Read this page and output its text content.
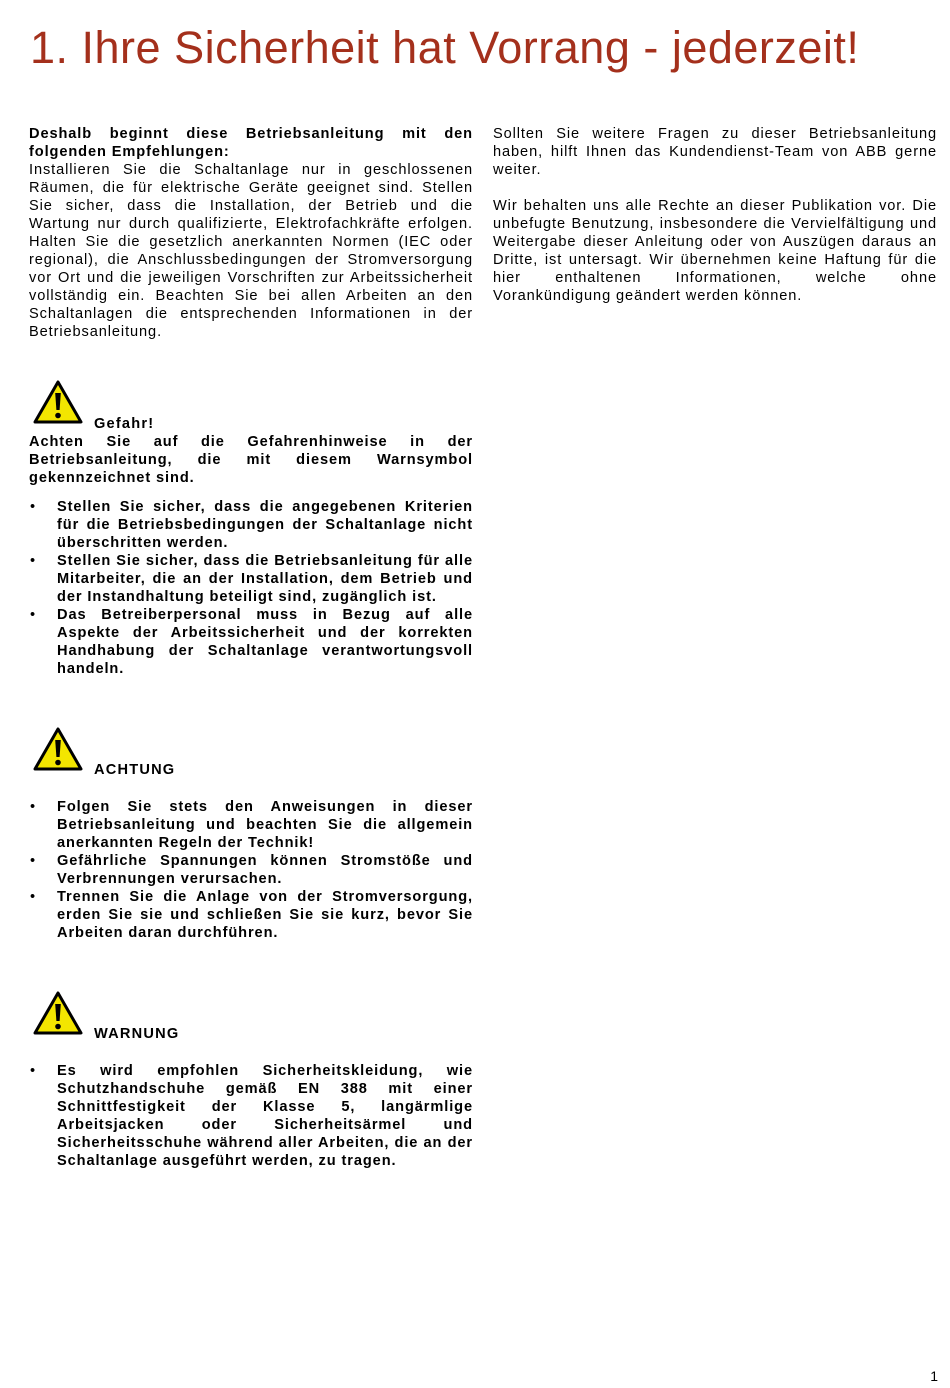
1. Ihre Sicherheit hat Vorrang - jederzeit!

Deshalb beginnt diese Betriebsanleitung mit den folgenden Empfehlungen:

Installieren Sie die Schaltanlage nur in geschlossenen Räumen, die für elektrische Geräte geeignet sind. Stellen Sie sicher, dass die Installation, der Betrieb und die Wartung nur durch qualifizierte, Elektrofachkräfte erfolgen. Halten Sie die gesetzlich anerkannten Normen (IEC oder regional), die Anschlussbedingungen der Stromversorgung vor Ort und die jeweiligen Vorschriften zur Arbeitssicherheit vollständig ein. Beachten Sie bei allen Arbeiten an den Schaltanlagen die entsprechenden Informationen in der Betriebsanleitung.

Gefahr!

Achten Sie auf die Gefahrenhinweise in der Betriebsanleitung, die mit diesem Warnsymbol gekennzeichnet sind.

• Stellen Sie sicher, dass die angegebenen Kriterien für die Betriebsbedingungen der Schaltanlage nicht überschritten werden.
• Stellen Sie sicher, dass die Betriebsanleitung für alle Mitarbeiter, die an der Installation, dem Betrieb und der Instandhaltung beteiligt sind, zugänglich ist.
• Das Betreiberpersonal muss in Bezug auf alle Aspekte der Arbeitssicherheit und der korrekten Handhabung der Schaltanlage verantwortungsvoll handeln.
ACHTUNG
• Folgen Sie stets den Anweisungen in dieser Betriebsanleitung und beachten Sie die allgemein anerkannten Regeln der Technik!
• Gefährliche Spannungen können Stromstöße und Verbrennungen verursachen.
• Trennen Sie die Anlage von der Stromversorgung, erden Sie sie und schließen Sie sie kurz, bevor Sie Arbeiten daran durchführen.
WARNUNG
• Es wird empfohlen Sicherheitskleidung, wie Schutzhandschuhe gemäß EN 388 mit einer Schnittfestigkeit der Klasse 5, langärmlige Arbeitsjacken oder Sicherheitsärmel und Sicherheitsschuhe während aller Arbeiten, die an der Schaltanlage ausgeführt werden, zu tragen.

Sollten Sie weitere Fragen zu dieser Betriebsanleitung haben, hilft Ihnen das Kundendienst-Team von ABB gerne weiter.

Wir behalten uns alle Rechte an dieser Publikation vor. Die unbefugte Benutzung, insbesondere die Vervielfältigung und Weitergabe dieser Anleitung oder von Auszügen daraus an Dritte, ist untersagt. Wir übernehmen keine Haftung für die hier enthaltenen Informationen, welche ohne Vorankündigung geändert werden können.

1
